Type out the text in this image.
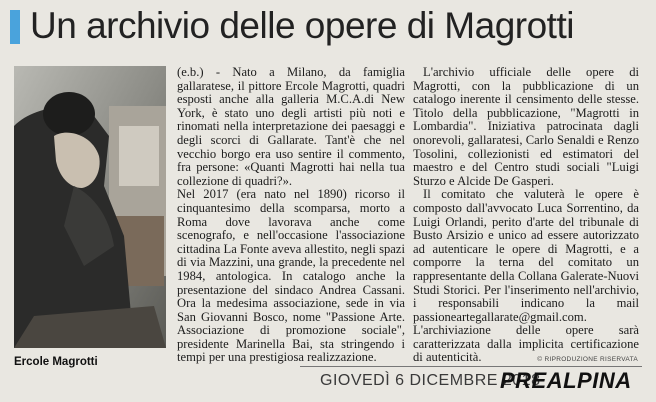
Un archivio delle opere di Magrotti
Ercole Magrotti

(e.b.) - Nato a Milano, da famiglia gallaratese, il pittore Ercole Magrotti, quadri esposti anche alla galleria M.C.A.di New York, è stato uno degli artisti più noti e rinomati nella interpretazione dei paesaggi e degli scorci di Gallarate. Tant'è che nel vecchio borgo era uso sentire il commento, fra persone: «Quanti Magrotti hai nella tua collezione di quadri?».

Nel 2017 (era nato nel 1890) ricorso il cinquantesimo della scomparsa, morto a Roma dove lavorava anche come scenografo, e nell'occasione l'associazione cittadina La Fonte aveva allestito, negli spazi di via Mazzini, una grande, la precedente nel 1984, antologica. In catalogo anche la presentazione del sindaco Andrea Cassani. Ora la medesima associazione, sede in via San Giovanni Bosco, nome "Passione Arte. Associazione di promozione sociale", presidente Marinella Bai, sta stringendo i tempi per una prestigiosa realizzazione.

L'archivio ufficiale delle opere di Magrotti, con la pubblicazione di un catalogo inerente il censimento delle stesse. Titolo della pubblicazione, "Magrotti in Lombardia". Iniziativa patrocinata dagli onorevoli, gallaratesi, Carlo Senaldi e Renzo Tosolini, collezionisti ed estimatori del maestro e del Centro studi sociali "Luigi Sturzo e Alcide De Gasperi.

Il comitato che valuterà le opere è composto dall'avvocato Luca Sorrentino, da Luigi Orlandi, perito d'arte del tribunale di Busto Arsizio e unico ad essere autorizzato ad autenticare le opere di Magrotti, e a comporre la terna del comitato un rappresentante della Collana Galerate-Nuovi Studi Storici. Per l'inserimento nell'archivio, i responsabili indicano la mail passioneartegallarate@gmail.com. L'archiviazione delle opere sarà caratterizzata dalla implicita certificazione di autenticità.	© RIPRODUZIONE RISERVATA
GIOVEDÌ 6 DICEMBRE 2018
PREALPINA
